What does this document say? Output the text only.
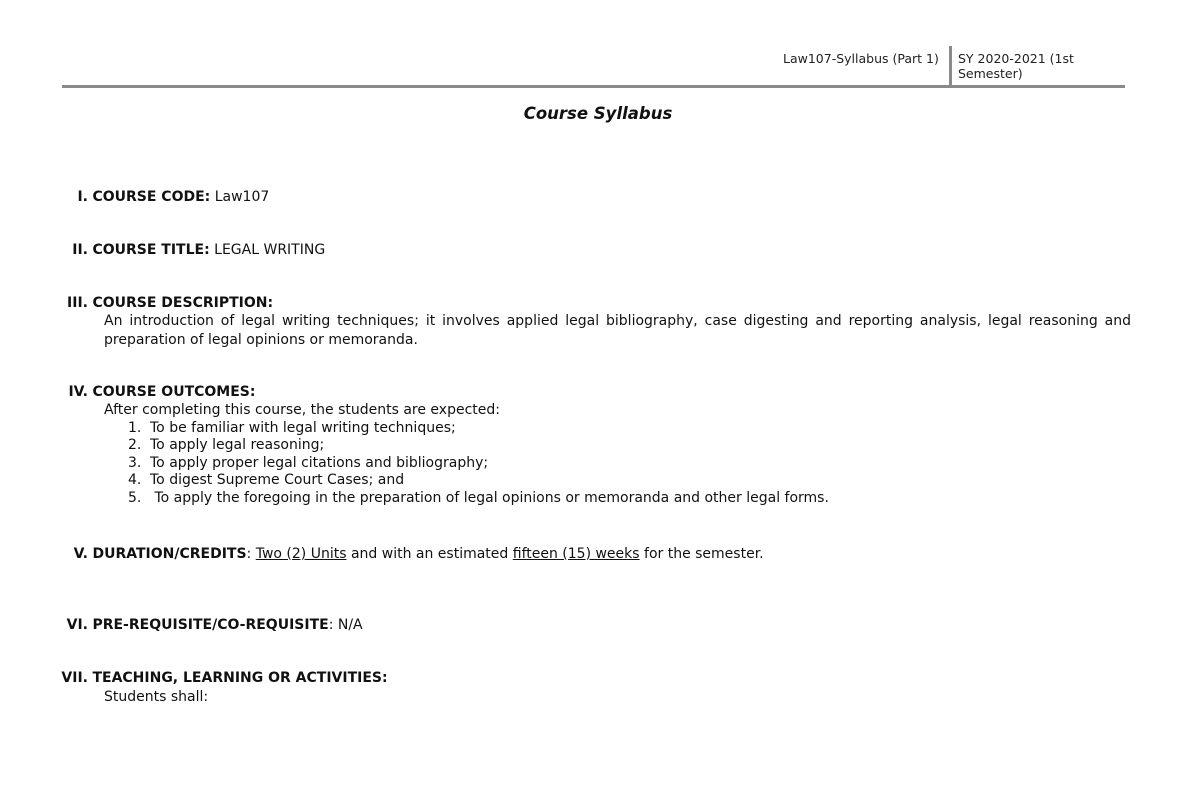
Law107-Syllabus (Part 1) SY 2020-2021 (1st Semester)
Course Syllabus
I. COURSE CODE: Law107
II. COURSE TITLE: LEGAL WRITING
III. COURSE DESCRIPTION:
An introduction of legal writing techniques; it involves applied legal bibliography, case digesting and reporting analysis, legal reasoning and preparation of legal opinions or memoranda.
IV. COURSE OUTCOMES:
After completing this course, the students are expected:
1. To be familiar with legal writing techniques;
2. To apply legal reasoning;
3. To apply proper legal citations and bibliography;
4. To digest Supreme Court Cases; and
5. To apply the foregoing in the preparation of legal opinions or memoranda and other legal forms.
V. DURATION/CREDITS: Two (2) Units and with an estimated fifteen (15) weeks for the semester.
VI. PRE-REQUISITE/CO-REQUISITE: N/A
VII. TEACHING, LEARNING OR ACTIVITIES:
Students shall:
